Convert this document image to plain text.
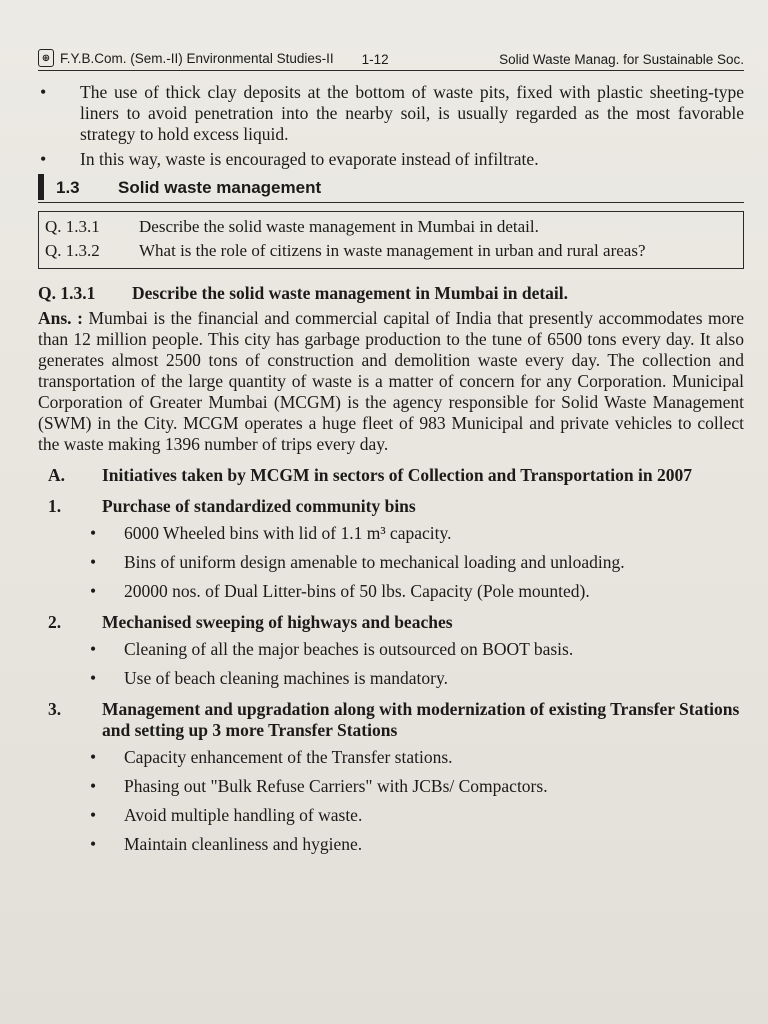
⊕ F.Y.B.Com. (Sem.-II) Environmental Studies-II 1-12	Solid Waste Manag. for Sustainable Soc.
• The use of thick clay deposits at the bottom of waste pits, fixed with plastic sheeting-type liners to avoid penetration into the nearby soil, is usually regarded as the most favorable strategy to hold excess liquid.
• In this way, waste is encouraged to evaporate instead of infiltrate.
1.3	Solid waste management
Q. 1.3.1	Describe the solid waste management in Mumbai in detail.
Q. 1.3.2	What is the role of citizens in waste management in urban and rural areas?
Q. 1.3.1	Describe the solid waste management in Mumbai in detail.
Ans. : Mumbai is the financial and commercial capital of India that presently accommodates more than 12 million people. This city has garbage production to the tune of 6500 tons every day. It also generates almost 2500 tons of construction and demolition waste every day. The collection and transportation of the large quantity of waste is a matter of concern for any Corporation. Municipal Corporation of Greater Mumbai (MCGM) is the agency responsible for Solid Waste Management (SWM) in the City. MCGM operates a huge fleet of 983 Municipal and private vehicles to collect the waste making 1396 number of trips every day.
A.	Initiatives taken by MCGM in sectors of Collection and Transportation in 2007
1.	Purchase of standardized community bins
• 6000 Wheeled bins with lid of 1.1 m³ capacity.
• Bins of uniform design amenable to mechanical loading and unloading.
• 20000 nos. of Dual Litter-bins of 50 lbs. Capacity (Pole mounted).
2.	Mechanised sweeping of highways and beaches
• Cleaning of all the major beaches is outsourced on BOOT basis.
• Use of beach cleaning machines is mandatory.
3.	Management and upgradation along with modernization of existing Transfer Stations and setting up 3 more Transfer Stations
• Capacity enhancement of the Transfer stations.
• Phasing out "Bulk Refuse Carriers" with JCBs/ Compactors.
• Avoid multiple handling of waste.
• Maintain cleanliness and hygiene.
